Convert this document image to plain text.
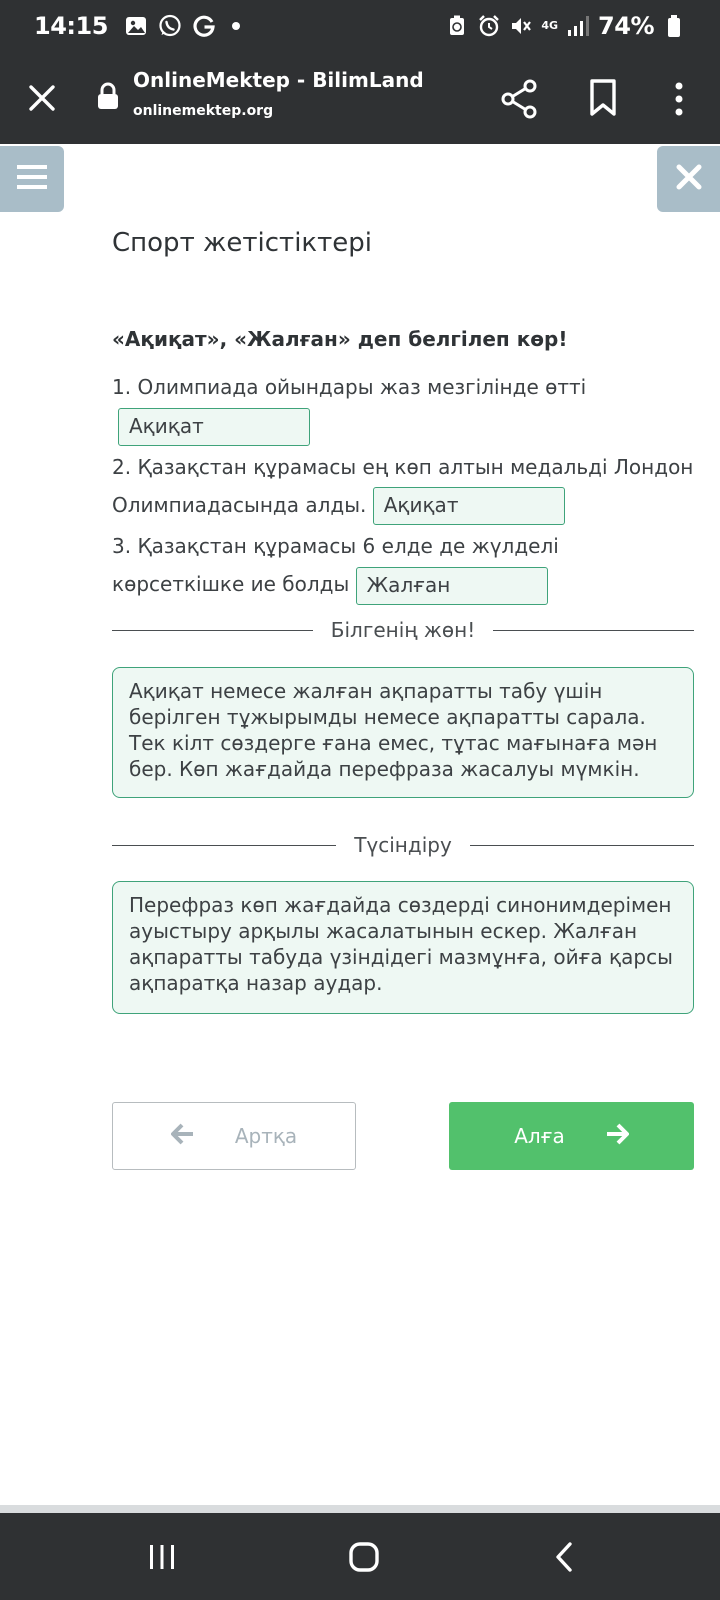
14:15	4G 74%
OnlineMektep - BilimLand
onlinemektep.org
Спорт жетістіктері

«Ақиқат», «Жалған» деп белгілеп көр!

1. Олимпиада ойындары жаз мезгілінде өтті
Ақиқат

2. Қазақстан құрамасы ең көп алтын медальді Лондон Олимпиадасында алды. Ақиқат

3. Қазақстан құрамасы 6 елде де жүлделі көрсеткішке ие болды Жалған

Білгенің жөн!
Ақиқат немесе жалған ақпаратты табу үшін берілген тұжырымды немесе ақпаратты сарала. Тек кілт сөздерге ғана емес, тұтас мағынаға мән бер. Көп жағдайда перефраза жасалуы мүмкін.
Түсіндіру
Перефраз көп жағдайда сөздерді синонимдерімен ауыстыру арқылы жасалатынын ескер. Жалған ақпаратты табуда үзіндідегі мазмұнға, ойға қарсы ақпаратқа назар аудар.
Артқа	Алға
